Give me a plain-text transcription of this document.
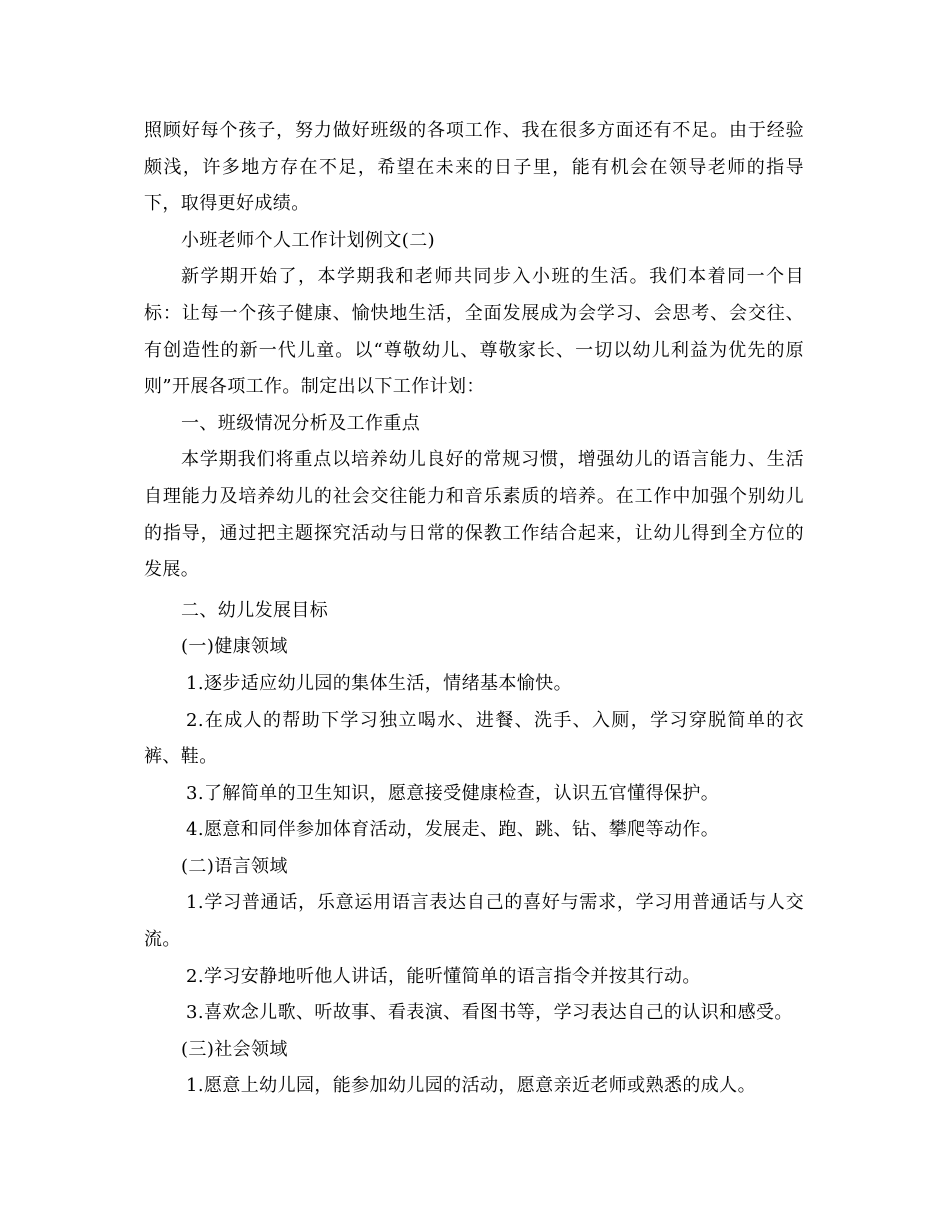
照顾好每个孩子，努力做好班级的各项工作、我在很多方面还有不足。由于经验颇浅，许多地方存在不足，希望在未来的日子里，能有机会在领导老师的指导下，取得更好成绩。

小班老师个人工作计划例文(二)

新学期开始了，本学期我和老师共同步入小班的生活。我们本着同一个目标：让每一个孩子健康、愉快地生活，全面发展成为会学习、会思考、会交往、有创造性的新一代儿童。以“尊敬幼儿、尊敬家长、一切以幼儿利益为优先的原则”开展各项工作。制定出以下工作计划：

一、班级情况分析及工作重点

本学期我们将重点以培养幼儿良好的常规习惯，增强幼儿的语言能力、生活自理能力及培养幼儿的社会交往能力和音乐素质的培养。在工作中加强个别幼儿的指导，通过把主题探究活动与日常的保教工作结合起来，让幼儿得到全方位的发展。

二、幼儿发展目标

(一)健康领域

1.逐步适应幼儿园的集体生活，情绪基本愉快。

2.在成人的帮助下学习独立喝水、进餐、洗手、入厕，学习穿脱简单的衣裤、鞋。

3.了解简单的卫生知识，愿意接受健康检查，认识五官懂得保护。

4.愿意和同伴参加体育活动，发展走、跑、跳、钻、攀爬等动作。

(二)语言领域

1.学习普通话，乐意运用语言表达自己的喜好与需求，学习用普通话与人交流。

2.学习安静地听他人讲话，能听懂简单的语言指令并按其行动。

3.喜欢念儿歌、听故事、看表演、看图书等，学习表达自己的认识和感受。

(三)社会领域

1.愿意上幼儿园，能参加幼儿园的活动，愿意亲近老师或熟悉的成人。
